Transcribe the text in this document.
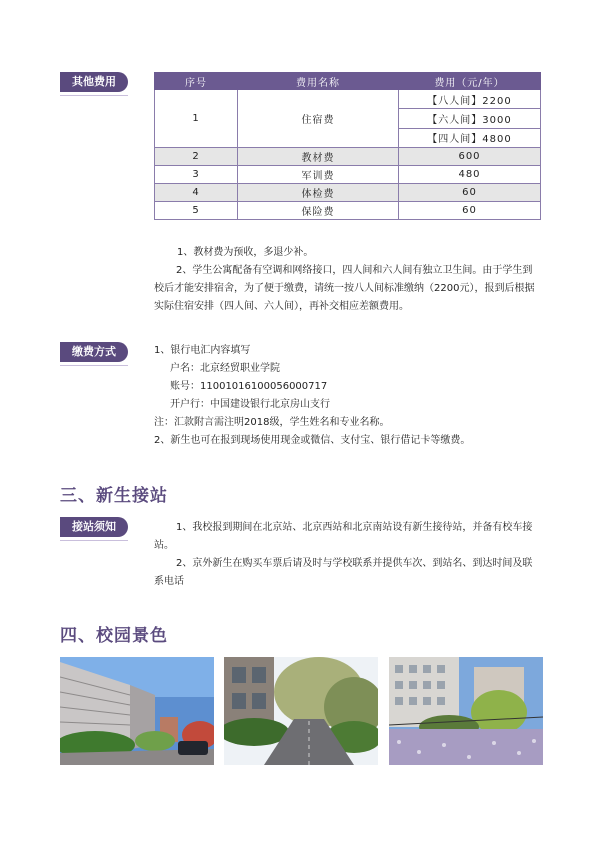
其他费用	序号	费用名称	费用（元/年）
1	住宿费	【八人间】2200
		【六人间】3000
		【四人间】4800
2	教材费	600
3	军训费	480
4	体检费	60
5	保险费	60
1、教材费为预收，多退少补。
2、学生公寓配备有空调和网络接口，四人间和六人间有独立卫生间。由于学生到校后才能安排宿舍，为了便于缴费，请统一按八人间标准缴纳（2200元），报到后根据实际住宿安排（四人间、六人间），再补交相应差额费用。
缴费方式	1、银行电汇内容填写
户名：北京经贸职业学院
账号：11001016100056000717
开户行：中国建设银行北京房山支行
注：汇款附言需注明2018级，学生姓名和专业名称。
2、新生也可在报到现场使用现金或微信、支付宝、银行借记卡等缴费。
三、新生接站
接站须知	1、我校报到期间在北京站、北京西站和北京南站设有新生接待站，并备有校车接站。
2、京外新生在购买车票后请及时与学校联系并提供车次、到站名、到达时间及联系电话
四、校园景色
